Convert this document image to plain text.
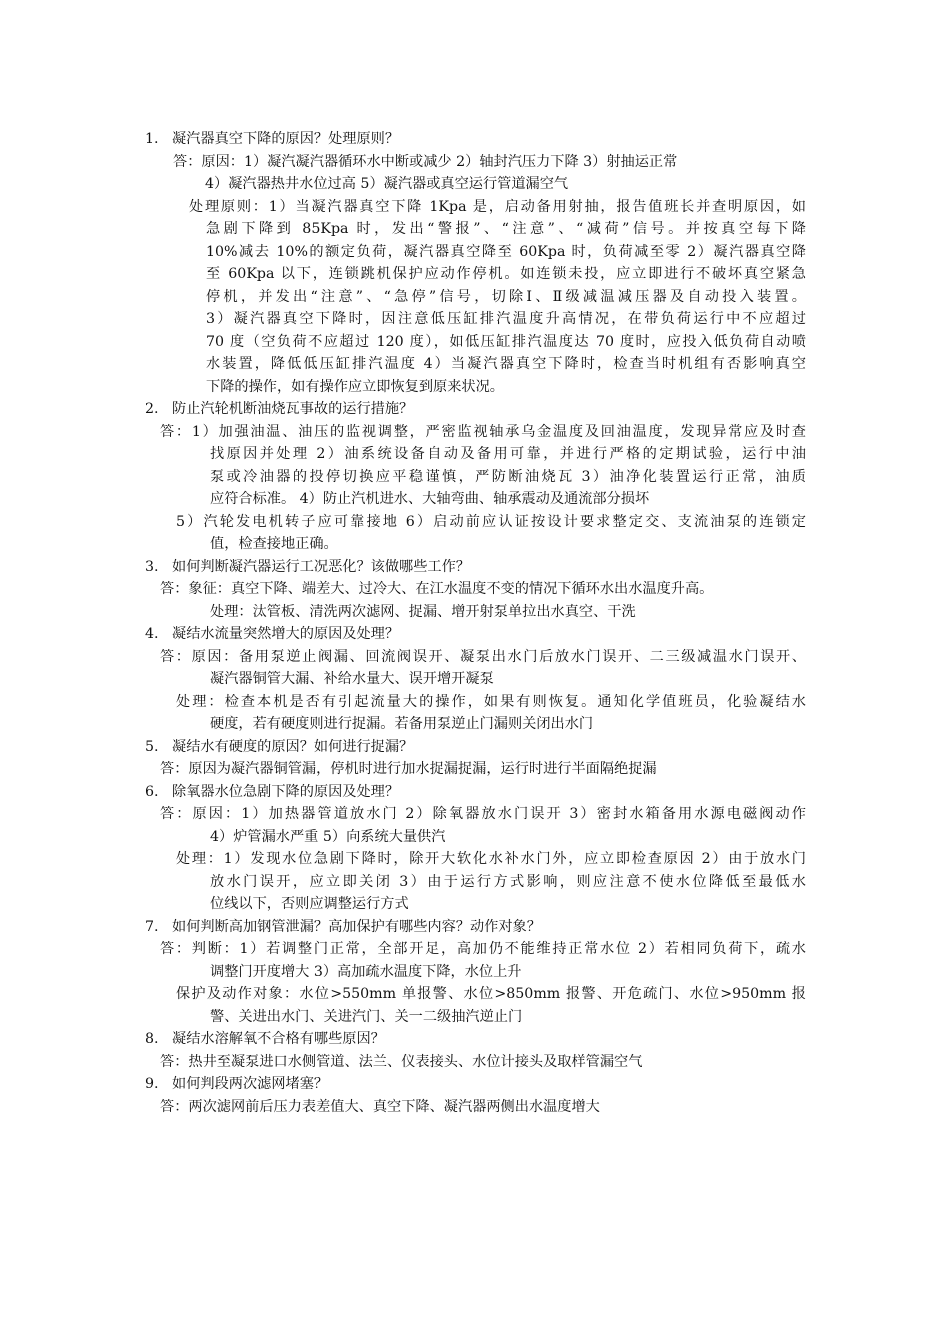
1. 凝汽器真空下降的原因？处理原则？
答：原因：1）凝汽凝汽器循环水中断或减少 2）轴封汽压力下降 3）射抽运正常
4）凝汽器热井水位过高 5）凝汽器或真空运行管道漏空气
处理原则：1）当凝汽器真空下降 1Kpa 是，启动备用射抽，报告值班长并查明原因，如
急剧下降到 85Kpa 时，发出“警报”、“注意”、“减荷”信号。并按真空每下降
10%减去 10%的额定负荷，凝汽器真空降至 60Kpa 时，负荷减至零 2）凝汽器真空降
至 60Kpa 以下，连锁跳机保护应动作停机。如连锁未投，应立即进行不破坏真空紧急
停机，并发出“注意”、“急停”信号，切除Ⅰ、Ⅱ级减温减压器及自动投入装置。
3）凝汽器真空下降时，因注意低压缸排汽温度升高情况，在带负荷运行中不应超过
70 度（空负荷不应超过 120 度），如低压缸排汽温度达 70 度时，应投入低负荷自动喷
水装置，降低低压缸排汽温度 4）当凝汽器真空下降时，检查当时机组有否影响真空
下降的操作，如有操作应立即恢复到原来状况。
2. 防止汽轮机断油烧瓦事故的运行措施？
答：1）加强油温、油压的监视调整，严密监视轴承乌金温度及回油温度，发现异常应及时查
找原因并处理 2）油系统设备自动及备用可靠，并进行严格的定期试验，运行中油
泵或冷油器的投停切换应平稳谨慎，严防断油烧瓦 3）油净化装置运行正常，油质
应符合标准。 4）防止汽机进水、大轴弯曲、轴承震动及通流部分损坏
5）汽轮发电机转子应可靠接地 6）启动前应认证按设计要求整定交、支流油泵的连锁定
值，检查接地正确。
3. 如何判断凝汽器运行工况恶化？该做哪些工作？
答：象征：真空下降、端差大、过冷大、在江水温度不变的情况下循环水出水温度升高。
处理：汰管板、清洗两次滤网、捉漏、增开射泵单拉出水真空、干洗
4. 凝结水流量突然增大的原因及处理？
答：原因：备用泵逆止阀漏、回流阀误开、凝泵出水门后放水门误开、二三级减温水门误开、
凝汽器铜管大漏、补给水量大、误开增开凝泵
处理：检查本机是否有引起流量大的操作，如果有则恢复。通知化学值班员，化验凝结水
硬度，若有硬度则进行捉漏。若备用泵逆止门漏则关闭出水门
5. 凝结水有硬度的原因？如何进行捉漏？
答：原因为凝汽器铜管漏，停机时进行加水捉漏捉漏，运行时进行半面隔绝捉漏
6. 除氧器水位急剧下降的原因及处理？
答：原因：1）加热器管道放水门 2）除氧器放水门误开 3）密封水箱备用水源电磁阀动作
4）炉管漏水严重 5）向系统大量供汽
处理：1）发现水位急剧下降时，除开大软化水补水门外，应立即检查原因 2）由于放水门
放水门误开，应立即关闭 3）由于运行方式影响，则应注意不使水位降低至最低水
位线以下，否则应调整运行方式
7. 如何判断高加钢管泄漏？高加保护有哪些内容？动作对象？
答：判断：1）若调整门正常，全部开足，高加仍不能维持正常水位 2）若相同负荷下，疏水
调整门开度增大 3）高加疏水温度下降，水位上升
保护及动作对象：水位>550mm 单报警、水位>850mm 报警、开危疏门、水位>950mm 报
警、关进出水门、关进汽门、关一二级抽汽逆止门
8. 凝结水溶解氧不合格有哪些原因？
答：热井至凝泵进口水侧管道、法兰、仪表接头、水位计接头及取样管漏空气
9. 如何判段两次滤网堵塞？
答：两次滤网前后压力表差值大、真空下降、凝汽器两侧出水温度增大
